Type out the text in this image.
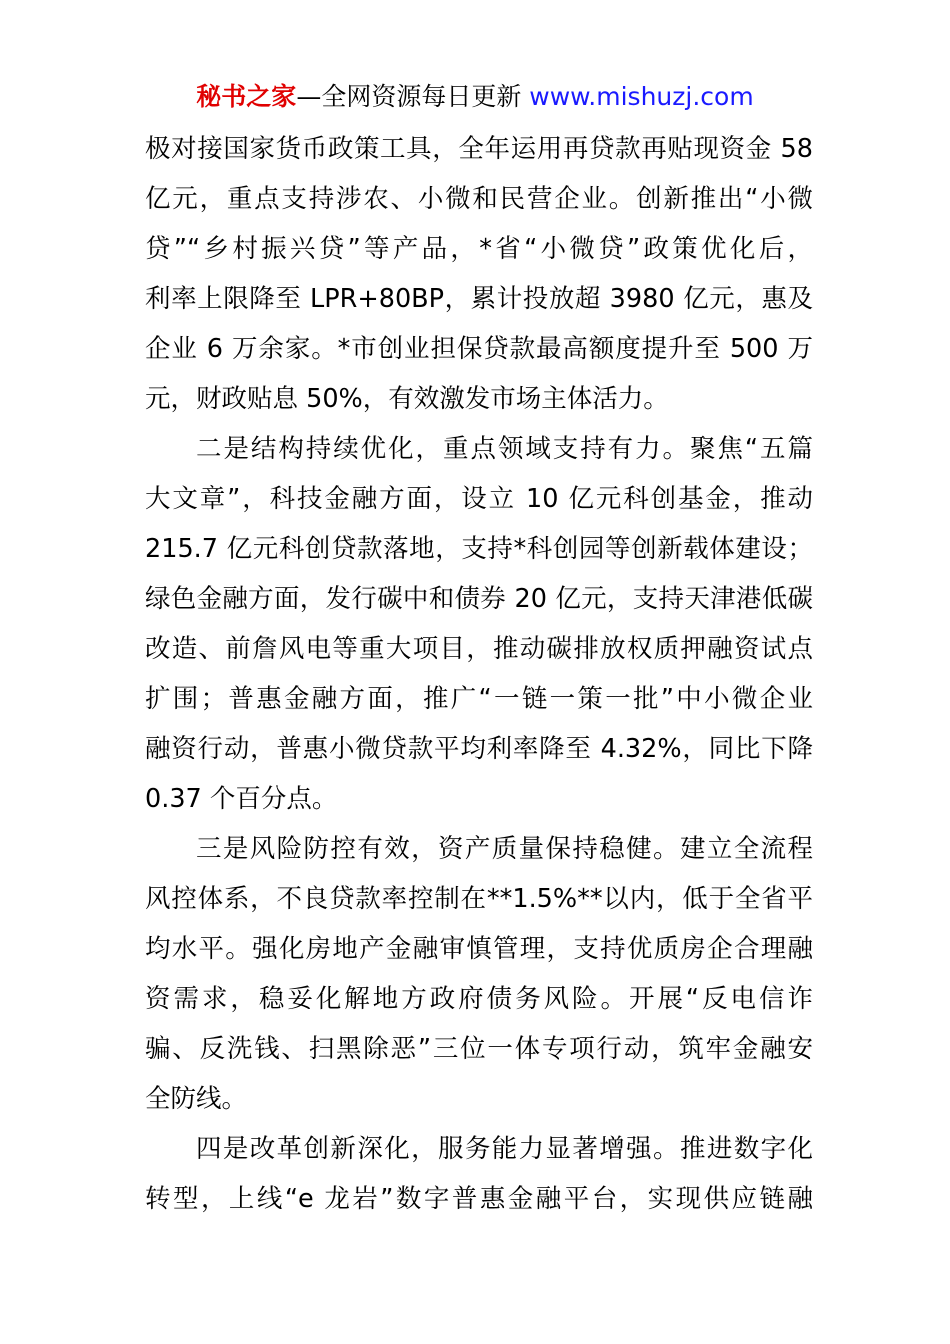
秘书之家—全网资源每日更新 www.mishuzj.com
极对接国家货币政策工具，全年运用再贷款再贴现资金 58
亿元，重点支持涉农、小微和民营企业。创新推出“小微
贷”“乡村振兴贷”等产品，*省“小微贷”政策优化后，
利率上限降至 LPR+80BP，累计投放超 3980 亿元，惠及
企业 6 万余家。*市创业担保贷款最高额度提升至 500 万
元，财政贴息 50%，有效激发市场主体活力。
二是结构持续优化，重点领域支持有力。聚焦“五篇
大文章”，科技金融方面，设立 10 亿元科创基金，推动
215.7 亿元科创贷款落地，支持*科创园等创新载体建设；
绿色金融方面，发行碳中和债券 20 亿元，支持天津港低碳
改造、前詹风电等重大项目，推动碳排放权质押融资试点
扩围；普惠金融方面，推广“一链一策一批”中小微企业
融资行动，普惠小微贷款平均利率降至 4.32%，同比下降
0.37 个百分点。
三是风险防控有效，资产质量保持稳健。建立全流程
风控体系，不良贷款率控制在**1.5%**以内，低于全省平
均水平。强化房地产金融审慎管理，支持优质房企合理融
资需求，稳妥化解地方政府债务风险。开展“反电信诈
骗、反洗钱、扫黑除恶”三位一体专项行动，筑牢金融安
全防线。
四是改革创新深化，服务能力显著增强。推进数字化
转型，上线“e 龙岩”数字普惠金融平台，实现供应链融
